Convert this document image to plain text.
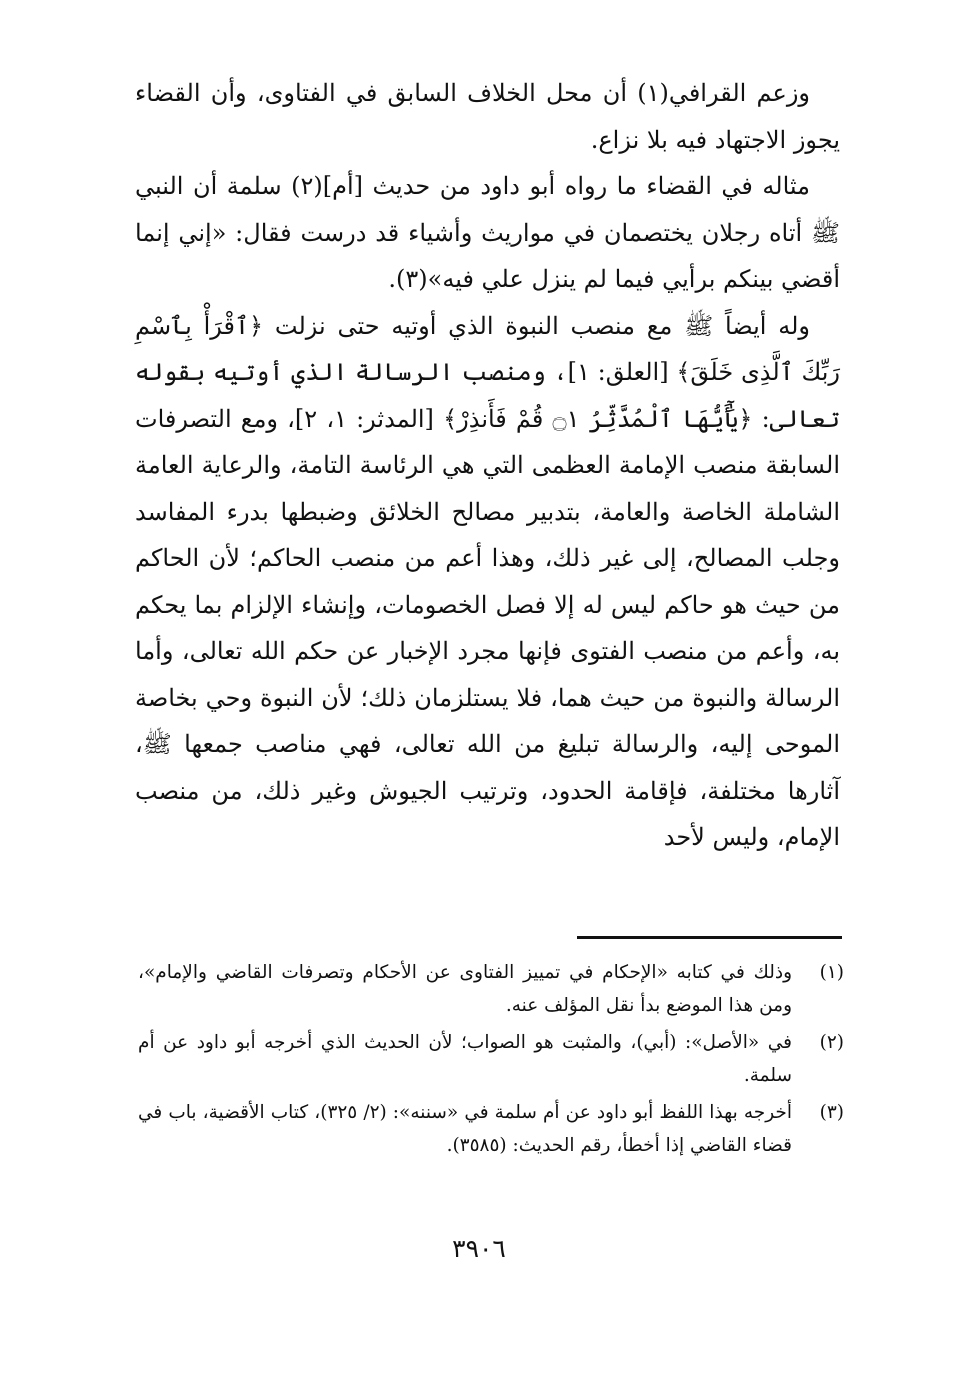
وزعم القرافي(١) أن محل الخلاف السابق في الفتاوى، وأن القضاء يجوز الاجتهاد فيه بلا نزاع.

مثاله في القضاء ما رواه أبو داود من حديث [أم](٢) سلمة أن النبي ﷺ أتاه رجلان يختصمان في مواريث وأشياء قد درست فقال: «إني إنما أقضي بينكم برأيي فيما لم ينزل علي فيه»(٣).

وله أيضاً ﷺ مع منصب النبوة الذي أوتيه حتى نزلت ﴿ٱقْرَأْ بِٱسْمِ رَبِّكَ ٱلَّذِى خَلَقَ﴾ [العلق: ١]، ومنصب الرسالة الذي أوتيه بقوله تعالى: ﴿يَٰٓأَيُّهَا ٱلْمُدَّثِّرُ ۝١ قُمْ فَأَنذِرْ﴾ [المدثر: ١، ٢]، ومع التصرفات السابقة منصب الإمامة العظمى التي هي الرئاسة التامة، والرعاية العامة الشاملة الخاصة والعامة، بتدبير مصالح الخلائق وضبطها بدرء المفاسد وجلب المصالح، إلى غير ذلك، وهذا أعم من منصب الحاكم؛ لأن الحاكم من حيث هو حاكم ليس له إلا فصل الخصومات، وإنشاء الإلزام بما يحكم به، وأعم من منصب الفتوى فإنها مجرد الإخبار عن حكم الله تعالى، وأما الرسالة والنبوة من حيث هما، فلا يستلزمان ذلك؛ لأن النبوة وحي بخاصة الموحى إليه، والرسالة تبليغ من الله تعالى، فهي مناصب جمعها ﷺ، آثارها مختلفة، فإقامة الحدود، وترتيب الجيوش وغير ذلك، من منصب الإمام، وليس لأحد

(١)
وذلك في كتابه «الإحكام في تمييز الفتاوى عن الأحكام وتصرفات القاضي والإمام»، ومن هذا الموضع بدأ نقل المؤلف عنه.
(٢)
في «الأصل»: (أبي)، والمثبت هو الصواب؛ لأن الحديث الذي أخرجه أبو داود عن أم سلمة.
(٣)
أخرجه بهذا اللفظ أبو داود عن أم سلمة في «سننه»: (٢/ ٣٢٥)، كتاب الأقضية، باب في قضاء القاضي إذا أخطأ، رقم الحديث: (٣٥٨٥).
٣٩٠٦
